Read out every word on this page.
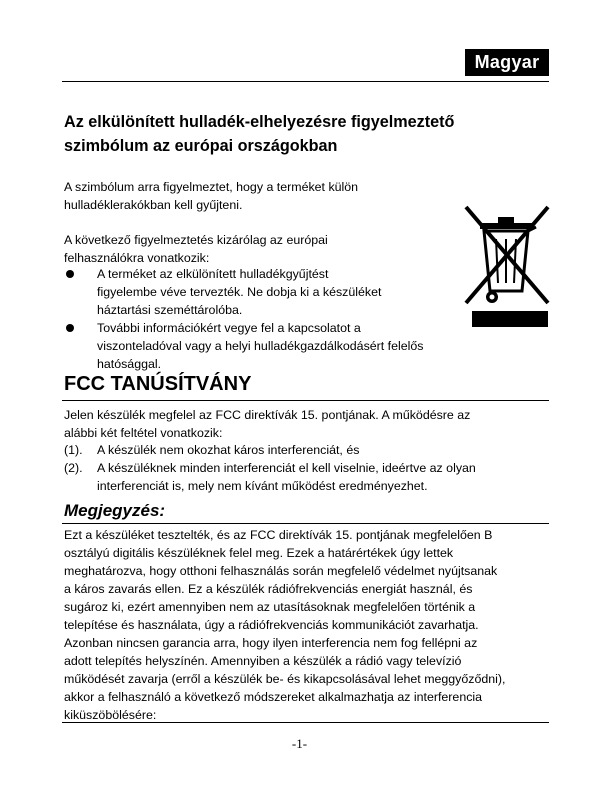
Magyar
Az elkülönített hulladék-elhelyezésre figyelmeztető
szimbólum az európai országokban

A szimbólum arra figyelmeztet, hogy a terméket külön
hulladéklerakókban kell gyűjteni.

A következő figyelmeztetés kizárólag az európai
felhasználókra vonatkozik:

A terméket az elkülönített hulladékgyűjtést
figyelembe véve tervezték. Ne dobja ki a készüléket
háztartási szeméttárolóba.
További információkért vegye fel a kapcsolatot a
viszonteladóval vagy a helyi hulladékgazdálkodásért felelős
hatósággal.
FCC TANÚSÍTVÁNY

Jelen készülék megfelel az FCC direktívák 15. pontjának. A működésre az
alábbi két feltétel vonatkozik:

(1). A készülék nem okozhat káros interferenciát, és
(2). A készüléknek minden interferenciát el kell viselnie, ideértve az olyan
interferenciát is, mely nem kívánt működést eredményezhet.
Megjegyzés:

Ezt a készüléket tesztelték, és az FCC direktívák 15. pontjának megfelelően B
osztályú digitális készüléknek felel meg. Ezek a határértékek úgy lettek
meghatározva, hogy otthoni felhasználás során megfelelő védelmet nyújtsanak
a káros zavarás ellen. Ez a készülék rádiófrekvenciás energiát használ, és
sugároz ki, ezért amennyiben nem az utasításoknak megfelelően történik a
telepítése és használata, úgy a rádiófrekvenciás kommunikációt zavarhatja.
Azonban nincsen garancia arra, hogy ilyen interferencia nem fog fellépni az
adott telepítés helyszínén. Amennyiben a készülék a rádió vagy televízió
működését zavarja (erről a készülék be- és kikapcsolásával lehet meggyőződni),
akkor a felhasználó a következő módszereket alkalmazhatja az interferencia
kiküszöbölésére:

-1-
